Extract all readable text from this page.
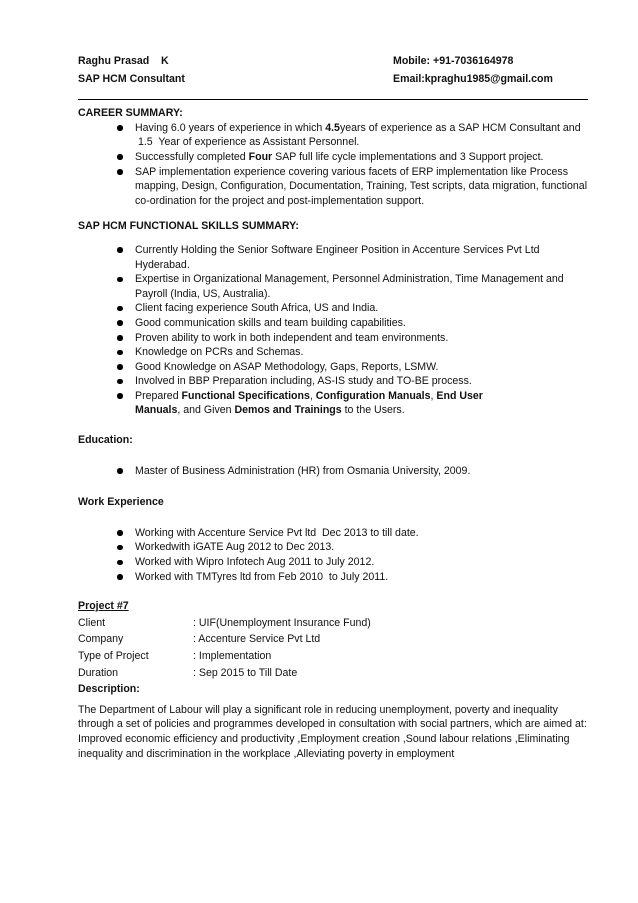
Raghu Prasad    K	Mobile: +91-7036164978
SAP HCM Consultant	Email:kpraghu1985@gmail.com
CAREER SUMMARY:
Having 6.0 years of experience in which 4.5years of experience as a SAP HCM Consultant and
1.5  Year of experience as Assistant Personnel.
Successfully completed Four SAP full life cycle implementations and 3 Support project.
SAP implementation experience covering various facets of ERP implementation like Process mapping, Design, Configuration, Documentation, Training, Test scripts, data migration, functional co-ordination for the project and post-implementation support.
SAP HCM FUNCTIONAL SKILLS SUMMARY:
Currently Holding the Senior Software Engineer Position in Accenture Services Pvt Ltd Hyderabad.
Expertise in Organizational Management, Personnel Administration, Time Management and Payroll (India, US, Australia).
Client facing experience South Africa, US and India.
Good communication skills and team building capabilities.
Proven ability to work in both independent and team environments.
Knowledge on PCRs and Schemas.
Good Knowledge on ASAP Methodology, Gaps, Reports, LSMW.
Involved in BBP Preparation including, AS-IS study and TO-BE process.
Prepared Functional Specifications, Configuration Manuals, End User Manuals, and Given Demos and Trainings to the Users.
Education:
Master of Business Administration (HR) from Osmania University, 2009.
Work Experience
Working with Accenture Service Pvt ltd  Dec 2013 to till date.
Workedwith iGATE Aug 2012 to Dec 2013.
Worked with Wipro Infotech Aug 2011 to July 2012.
Worked with TMTyres ltd from Feb 2010  to July 2011.
Project #7
Client	: UIF(Unemployment Insurance Fund)
Company	: Accenture Service Pvt Ltd
Type of Project	: Implementation
Duration	: Sep 2015 to Till Date
Description:

The Department of Labour will play a significant role in reducing unemployment, poverty and inequality through a set of policies and programmes developed in consultation with social partners, which are aimed at: Improved economic efficiency and productivity ,Employment creation ,Sound labour relations ,Eliminating inequality and discrimination in the workplace ,Alleviating poverty in employment
